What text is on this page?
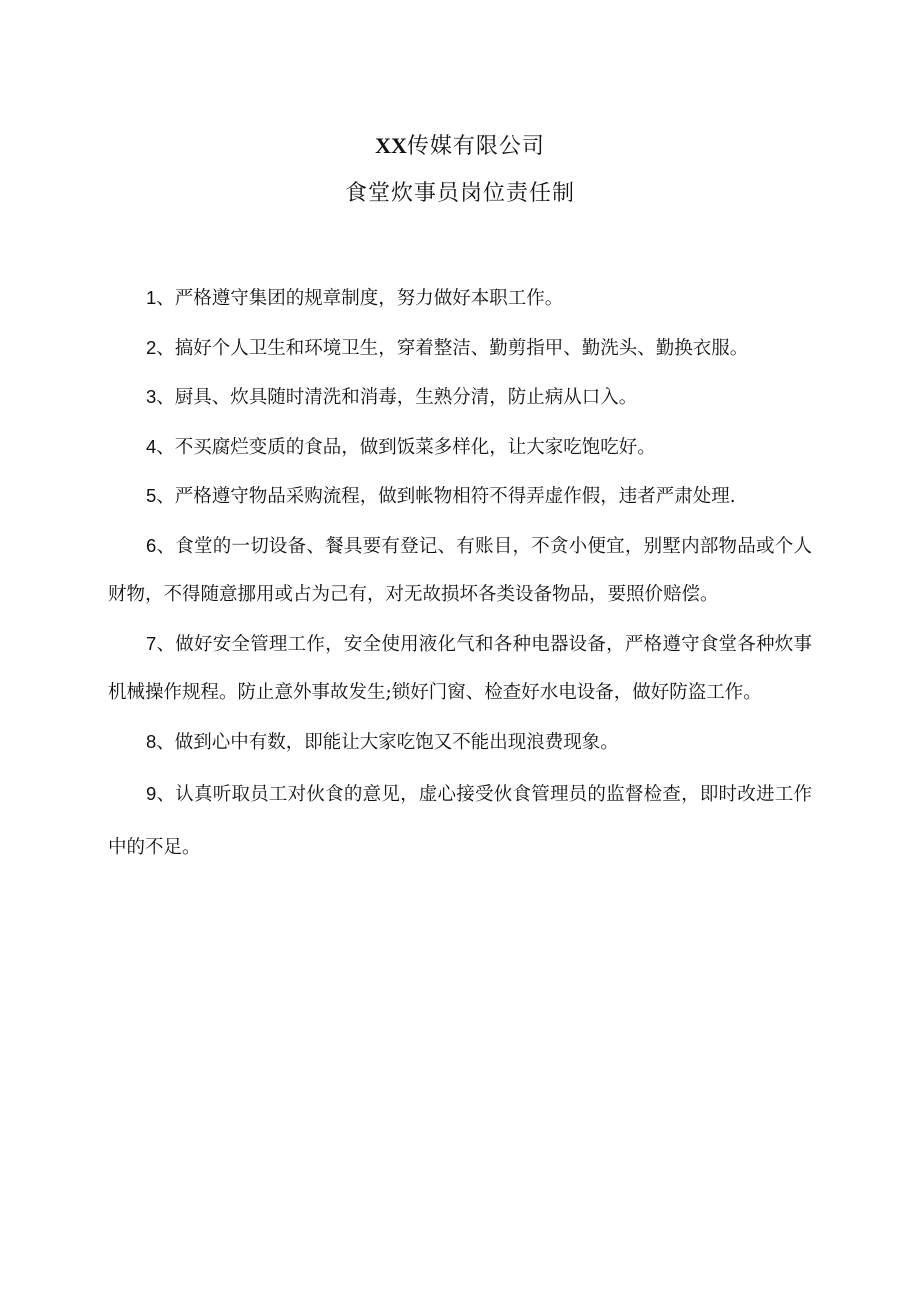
XX传媒有限公司
食堂炊事员岗位责任制

1、严格遵守集团的规章制度，努力做好本职工作。

2、搞好个人卫生和环境卫生，穿着整洁、勤剪指甲、勤洗头、勤换衣服。

3、厨具、炊具随时清洗和消毒，生熟分清，防止病从口入。

4、不买腐烂变质的食品，做到饭菜多样化，让大家吃饱吃好。

5、严格遵守物品采购流程，做到帐物相符不得弄虚作假，违者严肃处理.

6、食堂的一切设备、餐具要有登记、有账目，不贪小便宜，别墅内部物品或个人财物，不得随意挪用或占为己有，对无故损坏各类设备物品，要照价赔偿。

7、做好安全管理工作，安全使用液化气和各种电器设备，严格遵守食堂各种炊事机械操作规程。防止意外事故发生;锁好门窗、检查好水电设备，做好防盗工作。

8、做到心中有数，即能让大家吃饱又不能出现浪费现象。

9、认真听取员工对伙食的意见，虚心接受伙食管理员的监督检查，即时改进工作中的不足。
